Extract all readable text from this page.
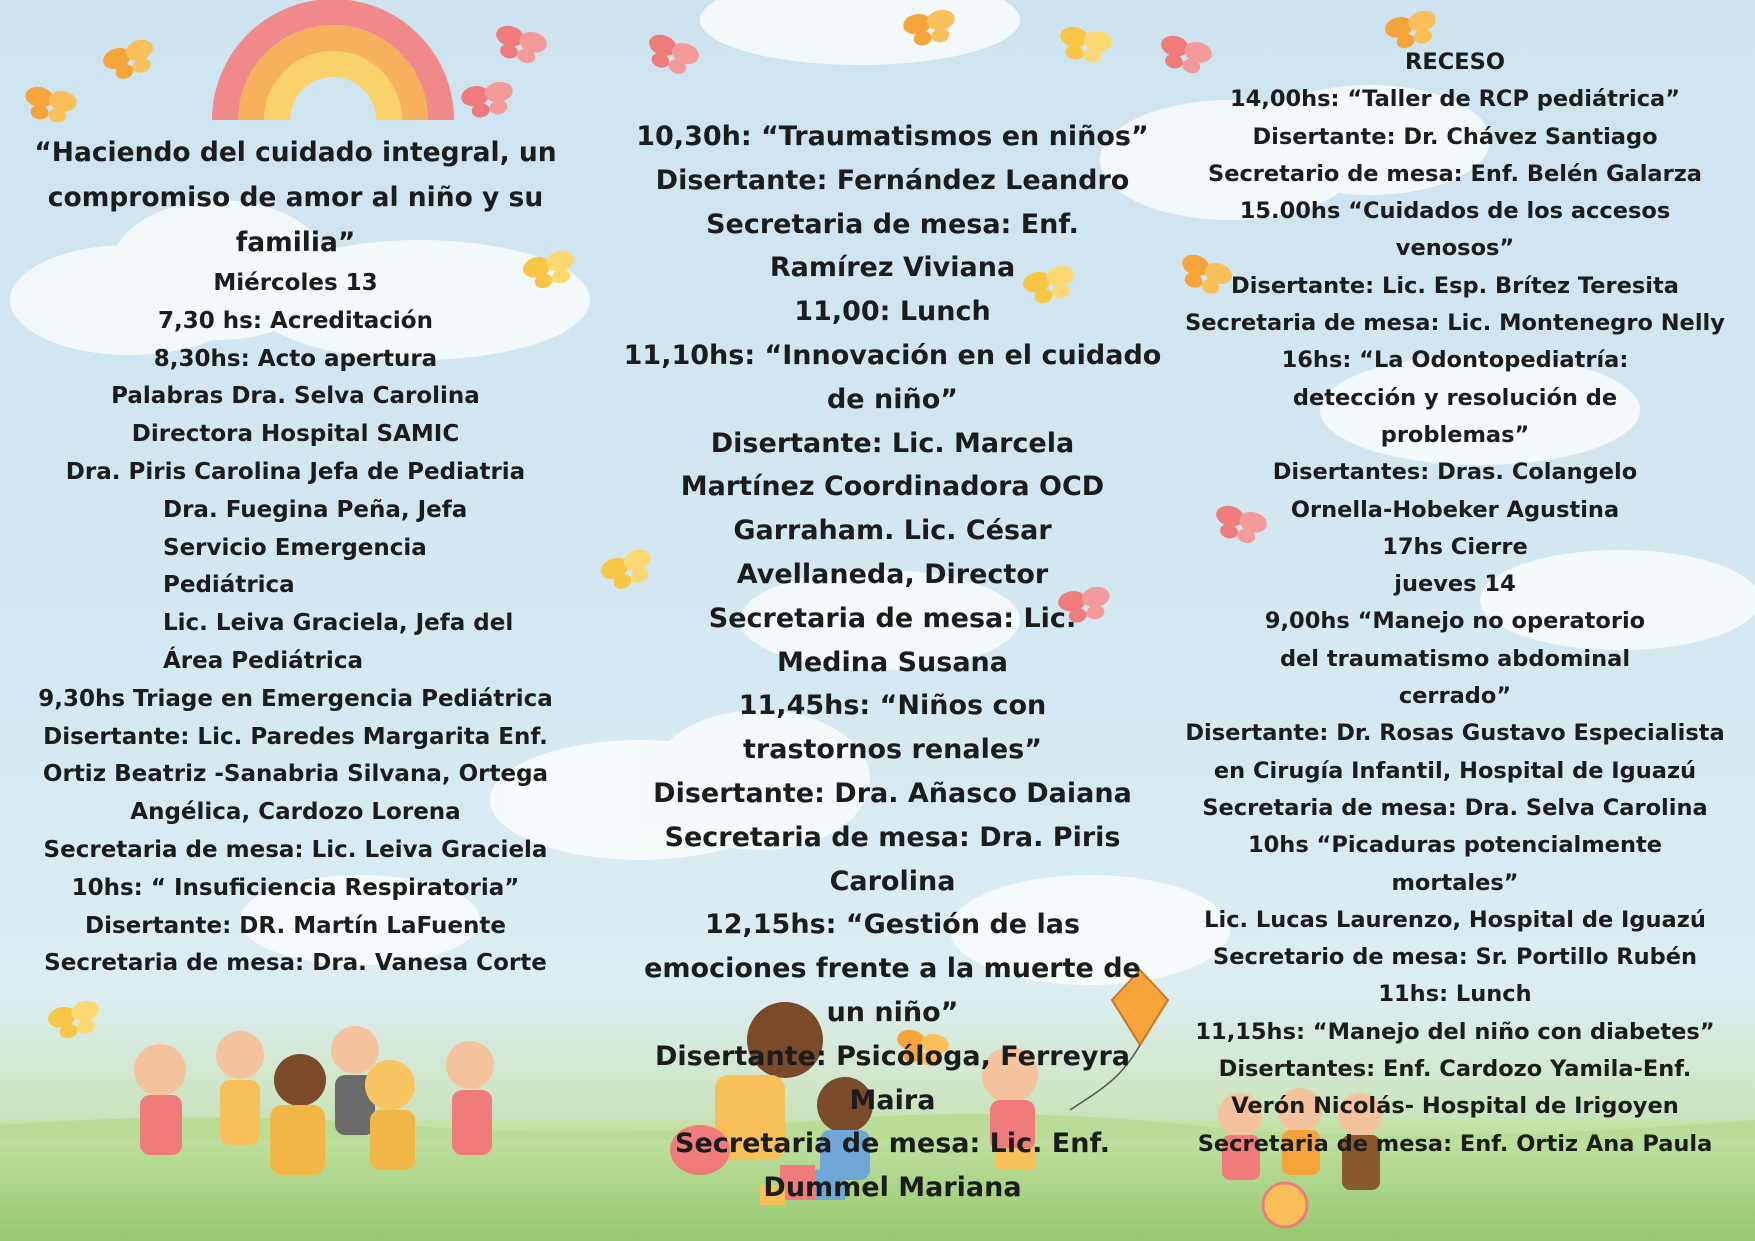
“Haciendo del cuidado integral, un compromiso de amor al niño y su familia”
Miércoles 13
7,30 hs: Acreditación
8,30hs: Acto apertura
Palabras Dra. Selva Carolina Directora Hospital SAMIC
Dra. Piris Carolina Jefa de Pediatria
Dra. Fuegina Peña, Jefa Servicio Emergencia Pediátrica
Lic. Leiva Graciela, Jefa del Área Pediátrica
9,30hs Triage en Emergencia Pediátrica
Disertante: Lic. Paredes Margarita Enf. Ortiz Beatriz -Sanabria Silvana, Ortega Angélica, Cardozo Lorena
Secretaria de mesa: Lic. Leiva Graciela
10hs: “ Insuficiencia Respiratoria”
Disertante: DR. Martín LaFuente
Secretaria de mesa: Dra. Vanesa Corte
10,30h: “Traumatismos en niños”
Disertante: Fernández Leandro
Secretaria de mesa: Enf. Ramírez Viviana
11,00: Lunch
11,10hs: “Innovación en el cuidado de niño”
Disertante: Lic. Marcela Martínez Coordinadora OCD Garraham. Lic. César Avellaneda, Director
Secretaria de mesa: Lic. Medina Susana
11,45hs: “Niños con trastornos renales”
Disertante: Dra. Añasco Daiana
Secretaria de mesa: Dra. Piris Carolina
12,15hs: “Gestión de las emociones frente a la muerte de un niño”
Disertante: Psicóloga, Ferreyra Maira
Secretaria de mesa: Lic. Enf. Dummel Mariana
RECESO
14,00hs: “Taller de RCP pediátrica”
Disertante: Dr. Chávez Santiago
Secretario de mesa: Enf. Belén Galarza
15.00hs “Cuidados de los accesos venosos”
Disertante: Lic. Esp. Brítez Teresita
Secretaria de mesa: Lic. Montenegro Nelly
16hs: “La Odontopediatría: detección y resolución de problemas”
Disertantes: Dras. Colangelo Ornella-Hobeker Agustina
17hs Cierre
jueves 14
9,00hs “Manejo no operatorio del traumatismo abdominal cerrado”
Disertante: Dr. Rosas Gustavo Especialista en Cirugía Infantil, Hospital de Iguazú
Secretaria de mesa: Dra. Selva Carolina
10hs “Picaduras potencialmente mortales”
Lic. Lucas Laurenzo, Hospital de Iguazú
Secretario de mesa: Sr. Portillo Rubén
11hs: Lunch
11,15hs: “Manejo del niño con diabetes”
Disertantes: Enf. Cardozo Yamila-Enf. Verón Nicolás- Hospital de Irigoyen
Secretaria de mesa: Enf. Ortiz Ana Paula
